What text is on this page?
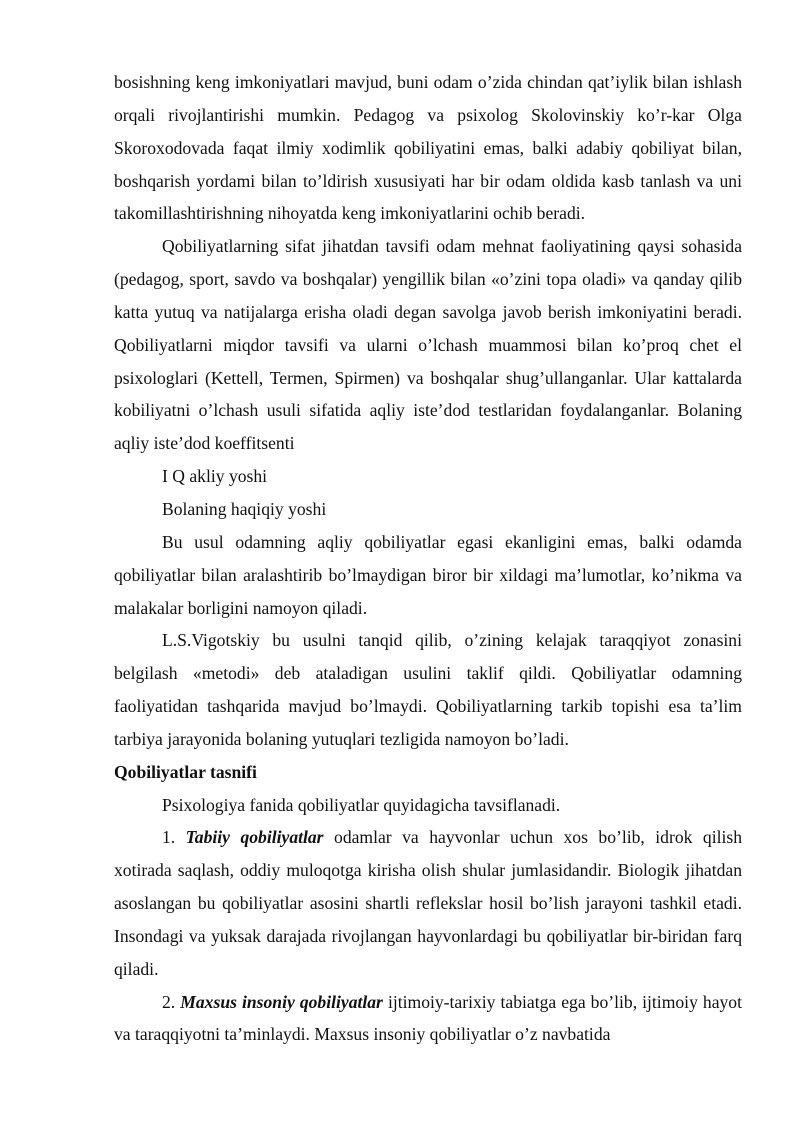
bosishning keng imkoniyatlari mavjud, buni odam o’zida chindan qat’iylik bilan ishlash orqali rivojlantirishi mumkin. Pedagog va psixolog Skolovinskiy ko’r-kar Olga Skoroxodovada faqat ilmiy xodimlik qobiliyatini emas, balki adabiy qobiliyat bilan, boshqarish yordami bilan to’ldirish xususiyati har bir odam oldida kasb tanlash va uni takomillashtirishning nihoyatda keng imkoniyatlarini ochib beradi.

Qobiliyatlarning sifat jihatdan tavsifi odam mehnat faoliyatining qaysi sohasida (pedagog, sport, savdo va boshqalar) yengillik bilan «o’zini topa oladi» va qanday qilib katta yutuq va natijalarga erisha oladi degan savolga javob berish imkoniyatini beradi. Qobiliyatlarni miqdor tavsifi va ularni o’lchash muammosi bilan ko’proq chet el psixologlari (Kettell, Termen, Spirmen) va boshqalar shug’ullanganlar. Ular kattalarda kobiliyatni o’lchash usuli sifatida aqliy iste’dod testlaridan foydalanganlar. Bolaning aqliy iste’dod koeffitsenti

I Q akliy yoshi

Bolaning haqiqiy yoshi

Bu usul odamning aqliy qobiliyatlar egasi ekanligini emas, balki odamda qobiliyatlar bilan aralashtirib bo’lmaydigan biror bir xildagi ma’lumotlar, ko’nikma va malakalar borligini namoyon qiladi.

L.S.Vigotskiy bu usulni tanqid qilib, o’zining kelajak taraqqiyot zonasini belgilash «metodi» deb ataladigan usulini taklif qildi. Qobiliyatlar odamning faoliyatidan tashqarida mavjud bo’lmaydi. Qobiliyatlarning tarkib topishi esa ta’lim tarbiya jarayonida bolaning yutuqlari tezligida namoyon bo’ladi.

Qobiliyatlar tasnifi

Psixologiya fanida qobiliyatlar quyidagicha tavsiflanadi.

1. Tabiiy qobiliyatlar odamlar va hayvonlar uchun xos bo’lib, idrok qilish xotirada saqlash, oddiy muloqotga kirisha olish shular jumlasidandir. Biologik jihatdan asoslangan bu qobiliyatlar asosini shartli reflekslar hosil bo’lish jarayoni tashkil etadi. Insondagi va yuksak darajada rivojlangan hayvonlardagi bu qobiliyatlar bir-biridan farq qiladi.

2. Maxsus insoniy qobiliyatlar ijtimoiy-tarixiy tabiatga ega bo’lib, ijtimoiy hayot va taraqqiyotni ta’minlaydi. Maxsus insoniy qobiliyatlar o’z navbatida
